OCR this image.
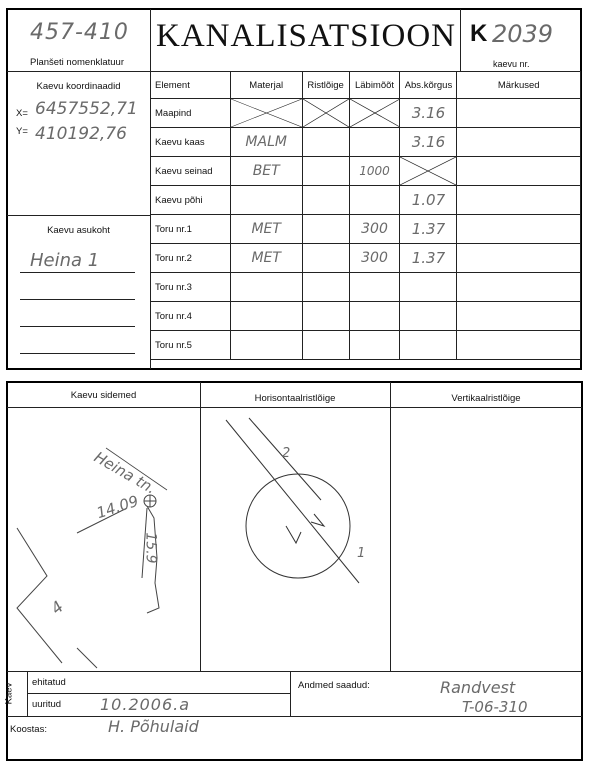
457-410
Planšeti nomenklatuur
KANALISATSIOON K 2039
kaevu nr.
Kaevu koordinaadid
X= 6457552,71
Y= 410192,76
Kaevu asukoht
Heina 1
Element	Materjal	Ristlõige	Läbimõõt	Abs.kõrgus	Märkused
Maapind				3.16	
Kaevu kaas	MALM			3.16	
Kaevu seinad	BET		1000	

Kaevu põhi				1.07	
Toru nr.1	MET		300	1.37	
Toru nr.2	MET		300	1.37	
Toru nr.3					
Toru nr.4					
Toru nr.5					
Kaevu sidemed	Horisontaalristlõige	Vertikaalristlõige
Heina tn.
14.09
15.9
4
2
1
Kaev
ehitatud
uuritud 10.2006.a
Andmed saadud:	Randvest
T-06-310
Koostas:	H. Põhulaid
